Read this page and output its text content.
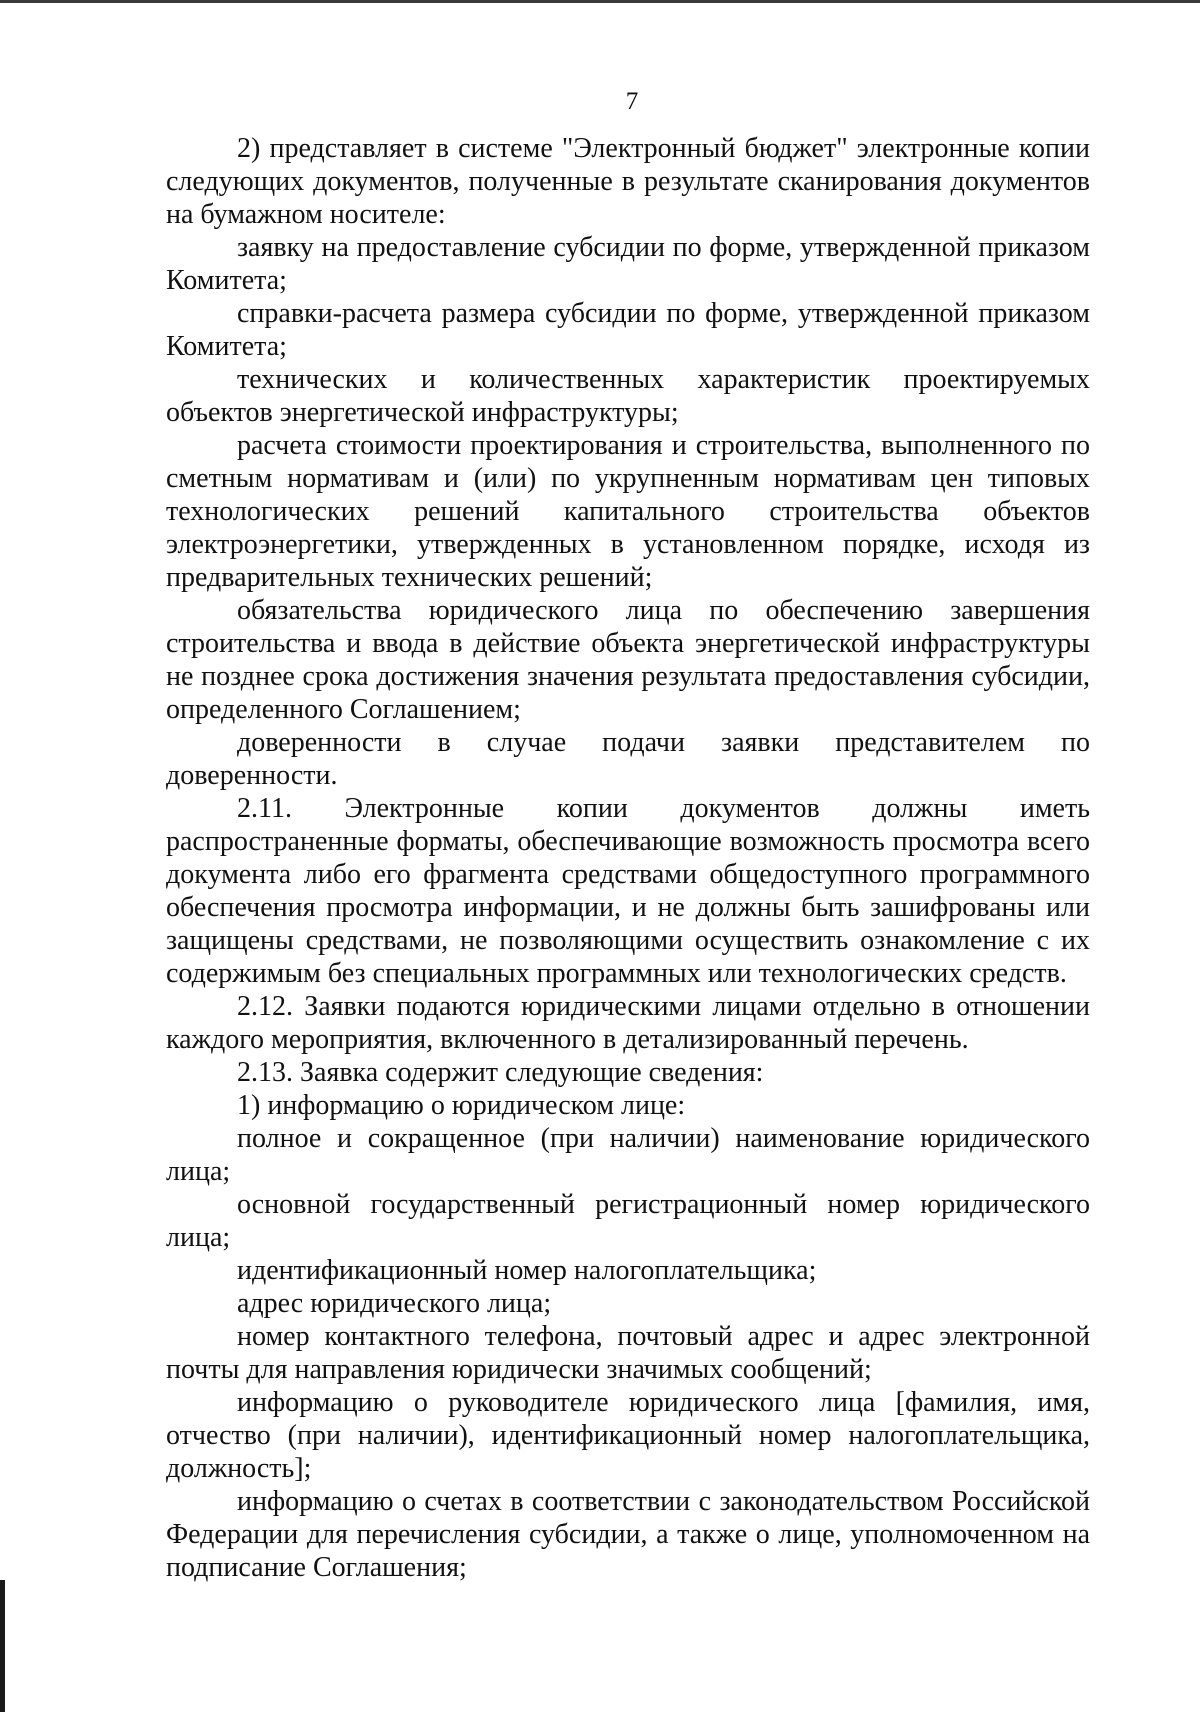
7

2) представляет в системе "Электронный бюджет" электронные копии следующих документов, полученные в результате сканирования документов на бумажном носителе:

заявку на предоставление субсидии по форме, утвержденной приказом Комитета;

справки-расчета размера субсидии по форме, утвержденной приказом Комитета;

технических и количественных характеристик проектируемых объектов энергетической инфраструктуры;

расчета стоимости проектирования и строительства, выполненного по сметным нормативам и (или) по укрупненным нормативам цен типовых технологических решений капитального строительства объектов электроэнергетики, утвержденных в установленном порядке, исходя из предварительных технических решений;

обязательства юридического лица по обеспечению завершения строительства и ввода в действие объекта энергетической инфраструктуры не позднее срока достижения значения результата предоставления субсидии, определенного Соглашением;

доверенности в случае подачи заявки представителем по доверенности.

2.11. Электронные копии документов должны иметь распространенные форматы, обеспечивающие возможность просмотра всего документа либо его фрагмента средствами общедоступного программного обеспечения просмотра информации, и не должны быть зашифрованы или защищены средствами, не позволяющими осуществить ознакомление с их содержимым без специальных программных или технологических средств.

2.12. Заявки подаются юридическими лицами отдельно в отношении каждого мероприятия, включенного в детализированный перечень.

2.13. Заявка содержит следующие сведения:

1) информацию о юридическом лице:

полное и сокращенное (при наличии) наименование юридического лица;

основной государственный регистрационный номер юридического лица;

идентификационный номер налогоплательщика;

адрес юридического лица;

номер контактного телефона, почтовый адрес и адрес электронной почты для направления юридически значимых сообщений;

информацию о руководителе юридического лица [фамилия, имя, отчество (при наличии), идентификационный номер налогоплательщика, должность];

информацию о счетах в соответствии с законодательством Российской Федерации для перечисления субсидии, а также о лице, уполномоченном на подписание Соглашения;
